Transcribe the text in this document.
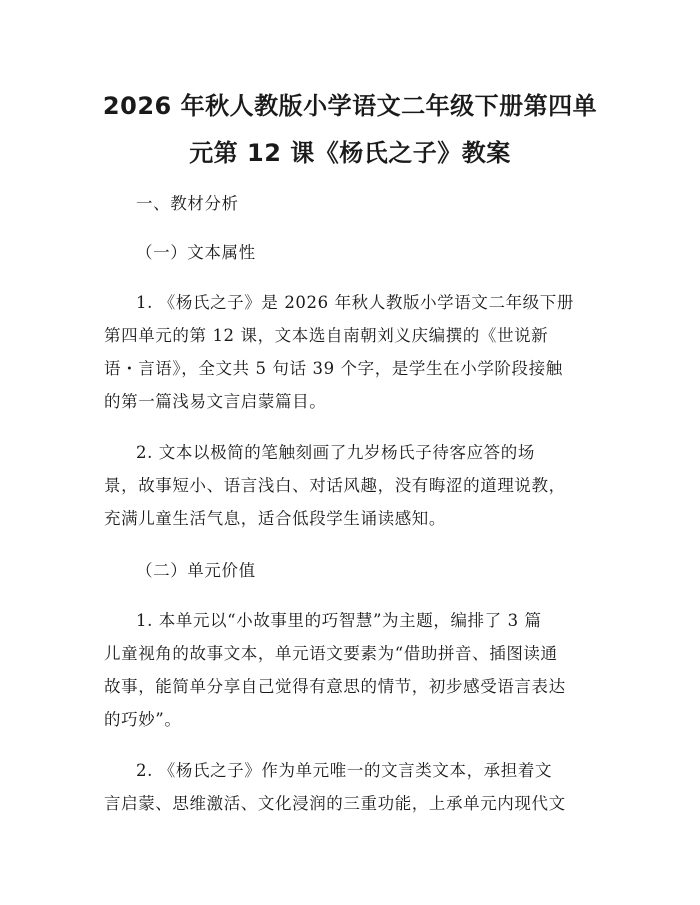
2026 年秋人教版小学语文二年级下册第四单
元第 12 课《杨氏之子》教案
一、教材分析
（一）文本属性
1. 《杨氏之子》是 2026 年秋人教版小学语文二年级下册
第四单元的第 12 课，文本选自南朝刘义庆编撰的《世说新
语・言语》，全文共 5 句话 39 个字，是学生在小学阶段接触
的第一篇浅易文言启蒙篇目。
2. 文本以极简的笔触刻画了九岁杨氏子待客应答的场
景，故事短小、语言浅白、对话风趣，没有晦涩的道理说教，
充满儿童生活气息，适合低段学生诵读感知。
（二）单元价值
1. 本单元以“小故事里的巧智慧”为主题，编排了 3 篇
儿童视角的故事文本，单元语文要素为“借助拼音、插图读通
故事，能简单分享自己觉得有意思的情节，初步感受语言表达
的巧妙”。
2. 《杨氏之子》作为单元唯一的文言类文本，承担着文
言启蒙、思维激活、文化浸润的三重功能，上承单元内现代文
